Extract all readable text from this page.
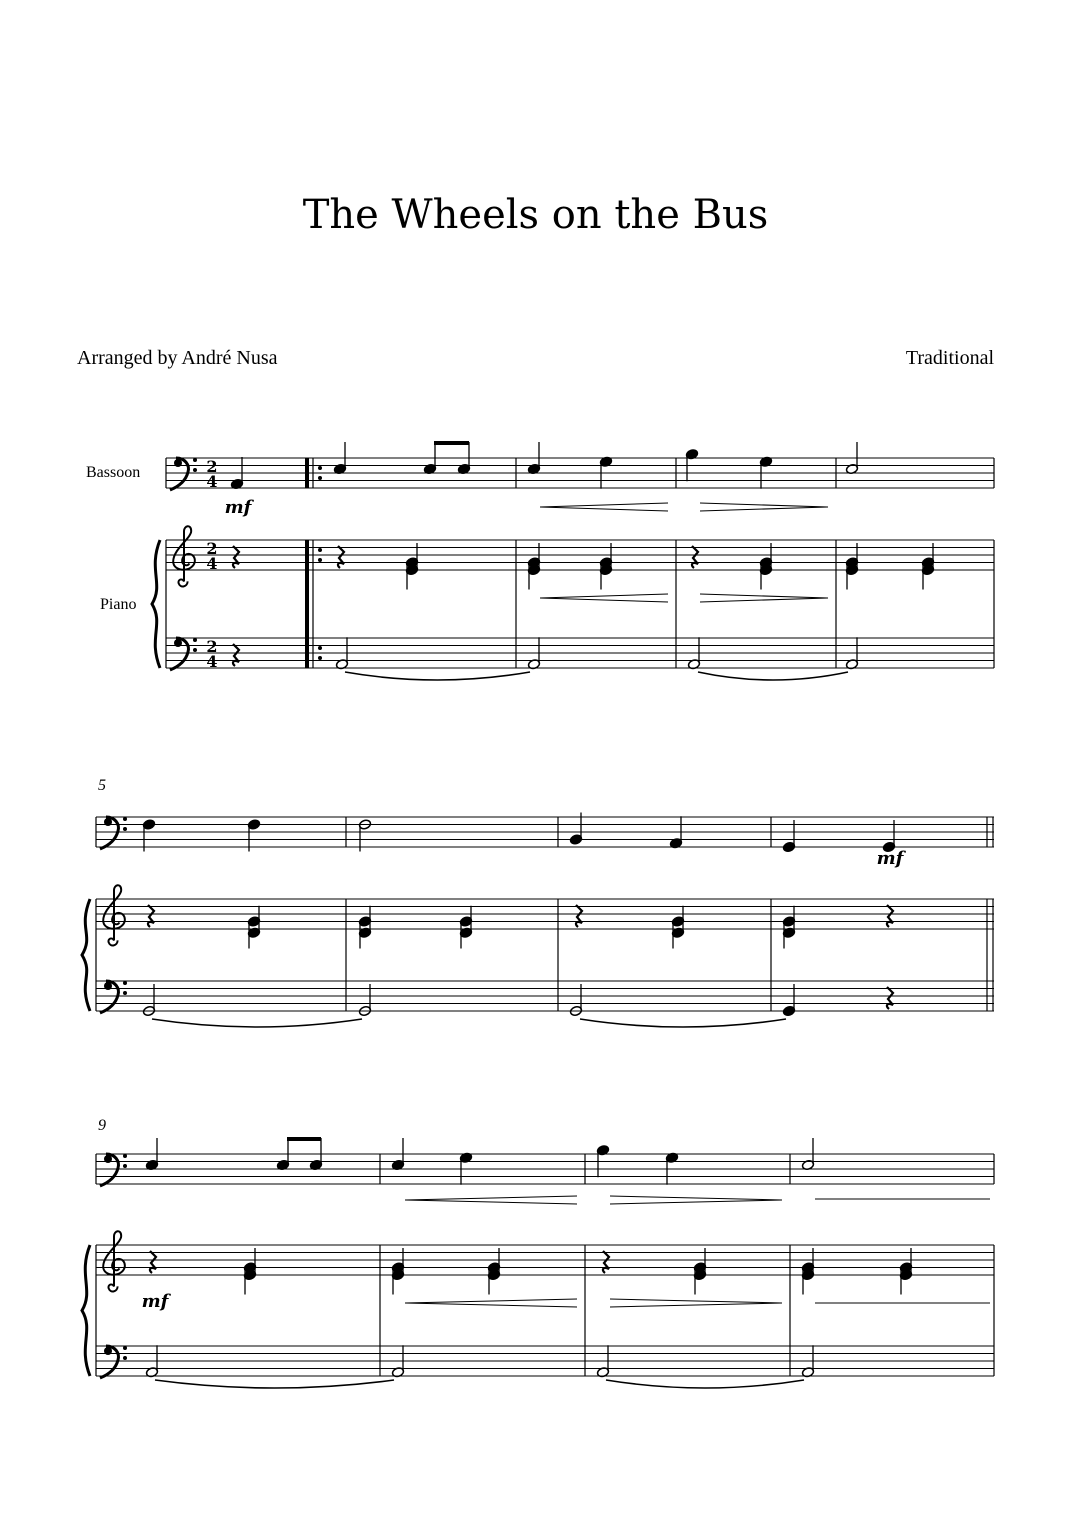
The Wheels on the Bus
Arranged by André Nusa	Traditional
Bassoon
Piano
2
4
2
4
2
4
mf
5
mf
9
mf
